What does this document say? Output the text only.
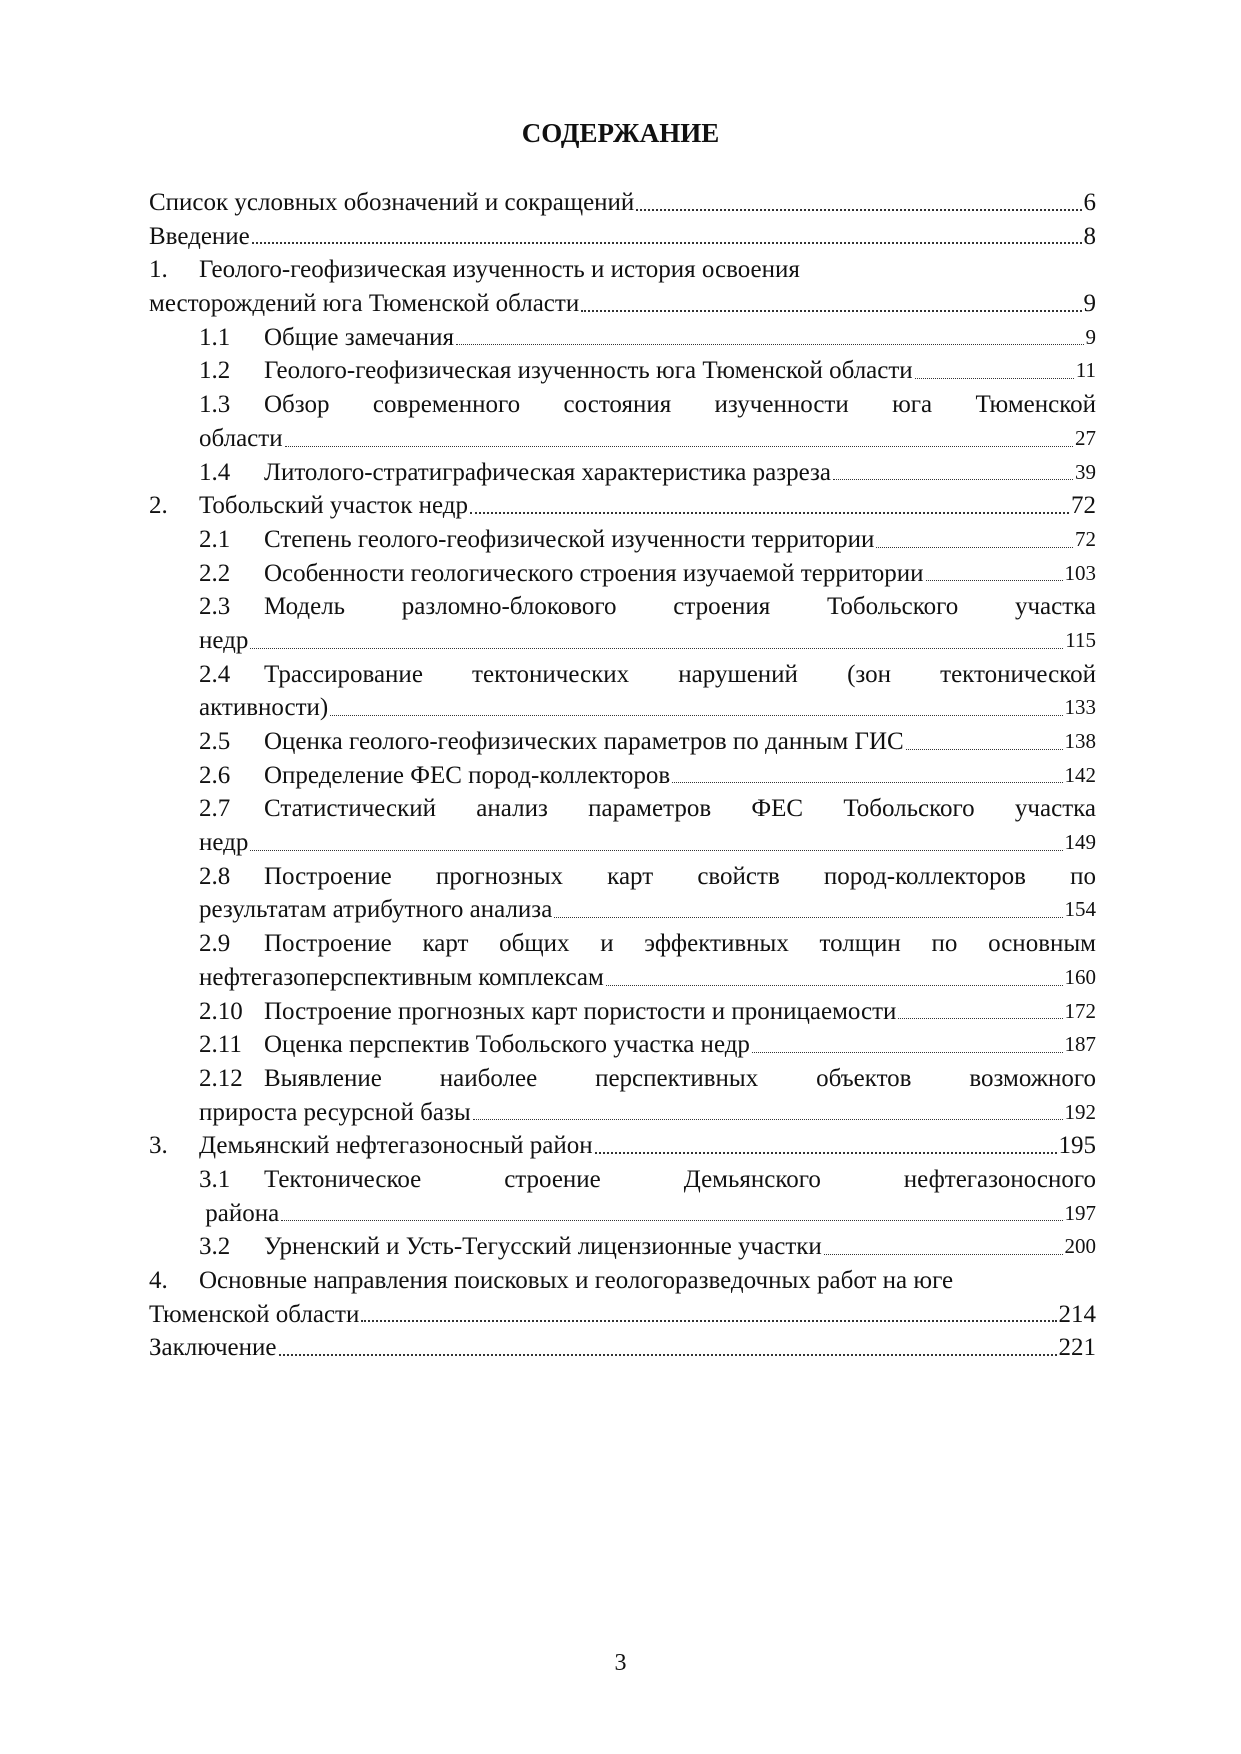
СОДЕРЖАНИЕ
Список условных обозначений и сокращений	6
Введение	8
1.	Геолого-геофизическая изученность и история освоения
месторождений юга Тюменской области	9
1.1	Общие замечания	9
1.2	Геолого-геофизическая изученность юга Тюменской области	11
1.3	Обзор современного состояния изученности юга Тюменской
области	27
1.4	Литолого-стратиграфическая характеристика разреза	39
2.	Тобольский участок недр	72
2.1	Степень геолого-геофизической изученности территории	72
2.2	Особенности геологического строения изучаемой территории	103
2.3	Модель разломно-блокового строения Тобольского участка
недр	115
2.4	Трассирование тектонических нарушений (зон тектонической
активности)	133
2.5	Оценка геолого-геофизических параметров по данным ГИС	138
2.6	Определение ФЕС пород-коллекторов	142
2.7	Статистический анализ параметров ФЕС Тобольского участка
недр	149
2.8	Построение прогнозных карт свойств пород-коллекторов по
результатам атрибутного анализа	154
2.9	Построение карт общих и эффективных толщин по основным
нефтегазоперспективным комплексам	160
2.10 Построение прогнозных карт пористости и проницаемости	172
2.11 Оценка перспектив Тобольского участка недр	187
2.12 Выявление наиболее перспективных объектов возможного
прироста ресурсной базы	192
3.	Демьянский нефтегазоносный район	195
3.1	Тектоническое строение Демьянского нефтегазоносного
района	197
3.2	Урненский и Усть-Тегусский лицензионные участки	200
4.	Основные направления поисковых и геологоразведочных работ на юге
Тюменской области	214
Заключение	221
3
